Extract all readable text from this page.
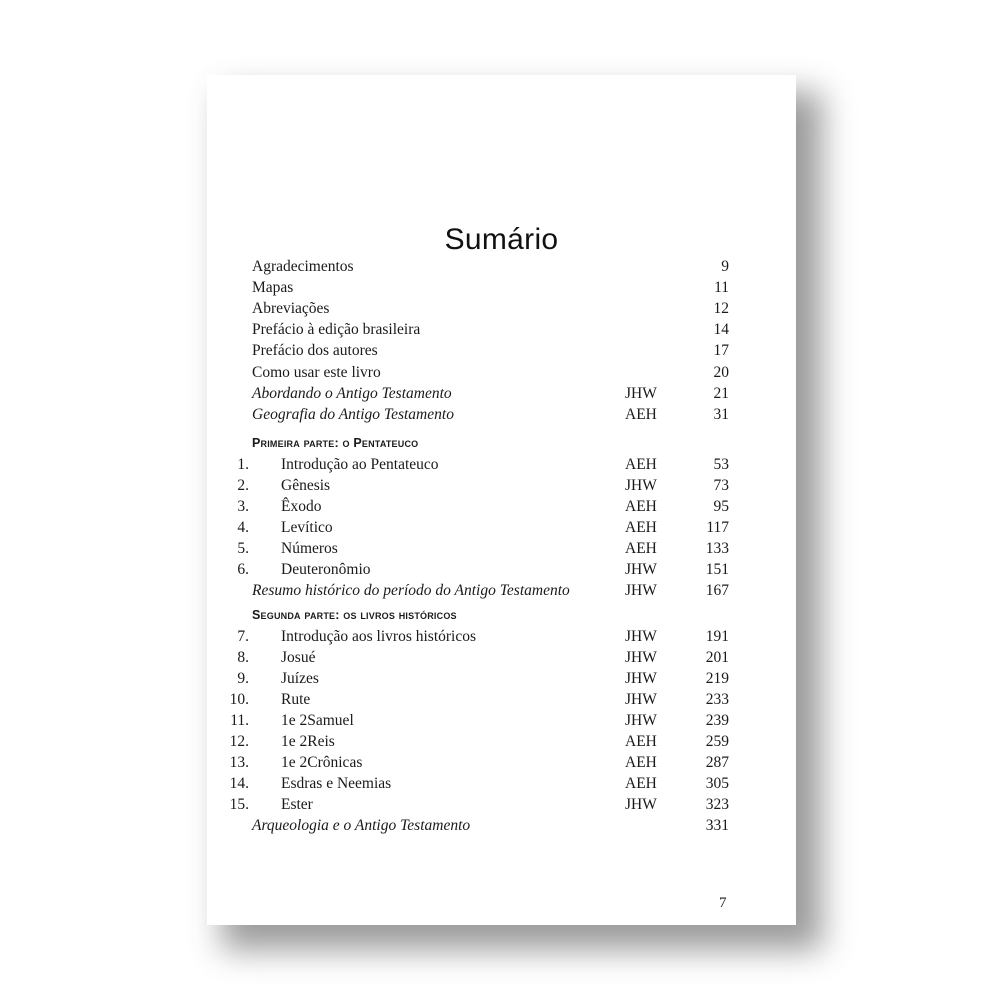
Sumário
Agradecimentos	9
Mapas	11
Abreviações	12
Prefácio à edição brasileira	14
Prefácio dos autores	17
Como usar este livro	20
Abordando o Antigo Testamento	JHW	21
Geografia do Antigo Testamento	AEH	31
Primeira parte: o Pentateuco
1. Introdução ao Pentateuco	AEH	53
2. Gênesis	JHW	73
3. Êxodo	AEH	95
4. Levítico	AEH	117
5. Números	AEH	133
6. Deuteronômio	JHW	151
Resumo histórico do período do Antigo Testamento	JHW	167
Segunda parte: os livros históricos
7. Introdução aos livros históricos	JHW	191
8. Josué	JHW	201
9. Juízes	JHW	219
10. Rute	JHW	233
11. 1e 2Samuel	JHW	239
12. 1e 2Reis	AEH	259
13. 1e 2Crônicas	AEH	287
14. Esdras e Neemias	AEH	305
15. Ester	JHW	323
Arqueologia e o Antigo Testamento	331
7
